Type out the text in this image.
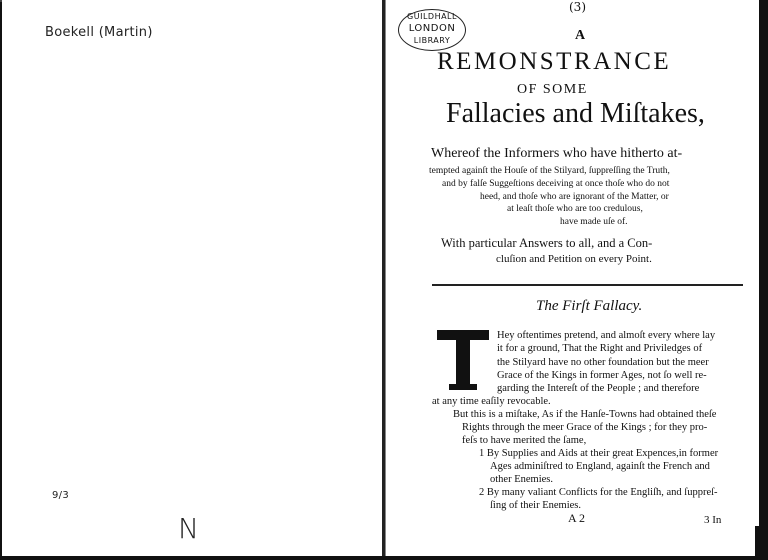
Boekell (Martin)
9/3
N
(3)
GUILDHALL
LONDON
LIBRARY	A
REMONSTRANCE
OF SOME
Fallacies and Miſtakes,
Whereof the Informers who have hitherto at-
tempted againſt the Houſe of the Stilyard, ſuppreſſing the Truth,
and by falſe Suggeſtions deceiving at once thoſe who do not
heed, and thoſe who are ignorant of the Matter, or
at leaſt thoſe who are too credulous,
have made uſe of.
With particular Answers to all, and a Con-
cluſion and Petition on every Point.
The Firſt Fallacy.
Hey oftentimes pretend, and almoſt every where lay
it for a ground, That the Right and Priviledges of
the Stilyard have no other foundation but the meer
Grace of the Kings in former Ages, not ſo well re-
garding the Intereſt of the People ; and therefore
at any time eaſily revocable.
But this is a miſtake, As if the Hanſe-Towns had obtained theſe
Rights through the meer Grace of the Kings ; for they pro-
feſs to have merited the ſame,
1 By Supplies and Aids at their great Expences,in former
Ages adminiſtred to England, againſt the French and
other Enemies.
2 By many valiant Conflicts for the Engliſh, and ſuppreſ-
ſing of their Enemies.
A 2	3 In
